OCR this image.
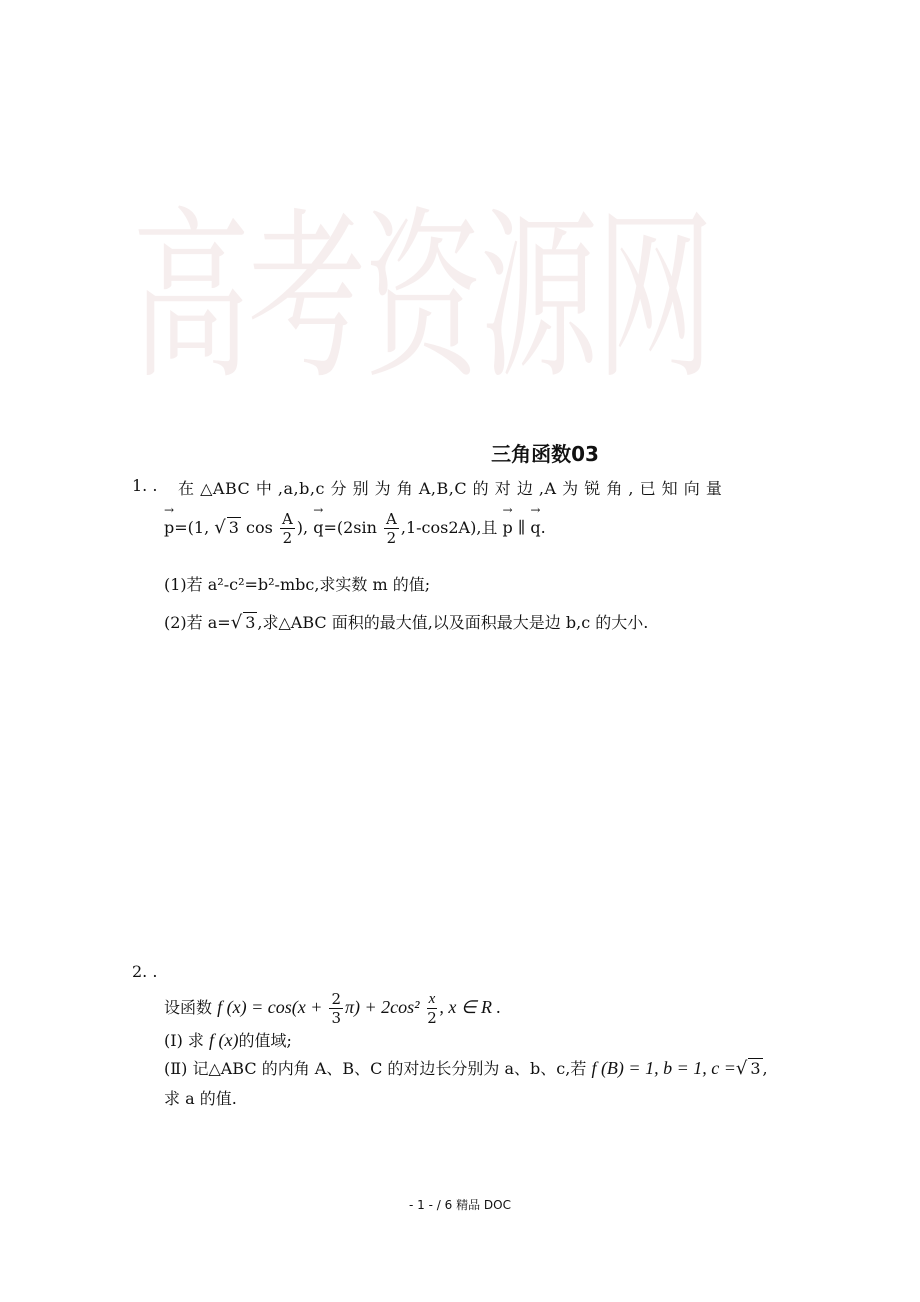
高考资源网
三角函数03
1. . 在 △ABC 中 ,a,b,c 分 别 为 角 A,B,C 的 对 边 ,A 为 锐 角 , 已 知 向 量
→ p=(1, √ 3 $\cos \frac{A}{2}$ ), → $q=(2\sin \frac{A}{2} ,1-\cos 2A)$,且 → p ∥ → q.
(1)若 a²-c²=b²-mbc,求实数 m 的值;
(2)若 a=√ 3 ,求△ABC 面积的最大值,以及面积最大是边 b,c 的大小.
2. .
设函数 f $(x) = \cos(x + \frac{2}{3} \pi) + 2\cos^2 \frac{x}{2}$ , x ∈ R .
(Ⅰ) 求 f (x)的值域;
(Ⅱ) 记△ABC 的内角 A、B、C 的对边长分别为 a、b、c,若 f (B) = 1, b = 1, c =√ 3 ,
求 a 的值.
- 1 - / 6 精品 DOC
